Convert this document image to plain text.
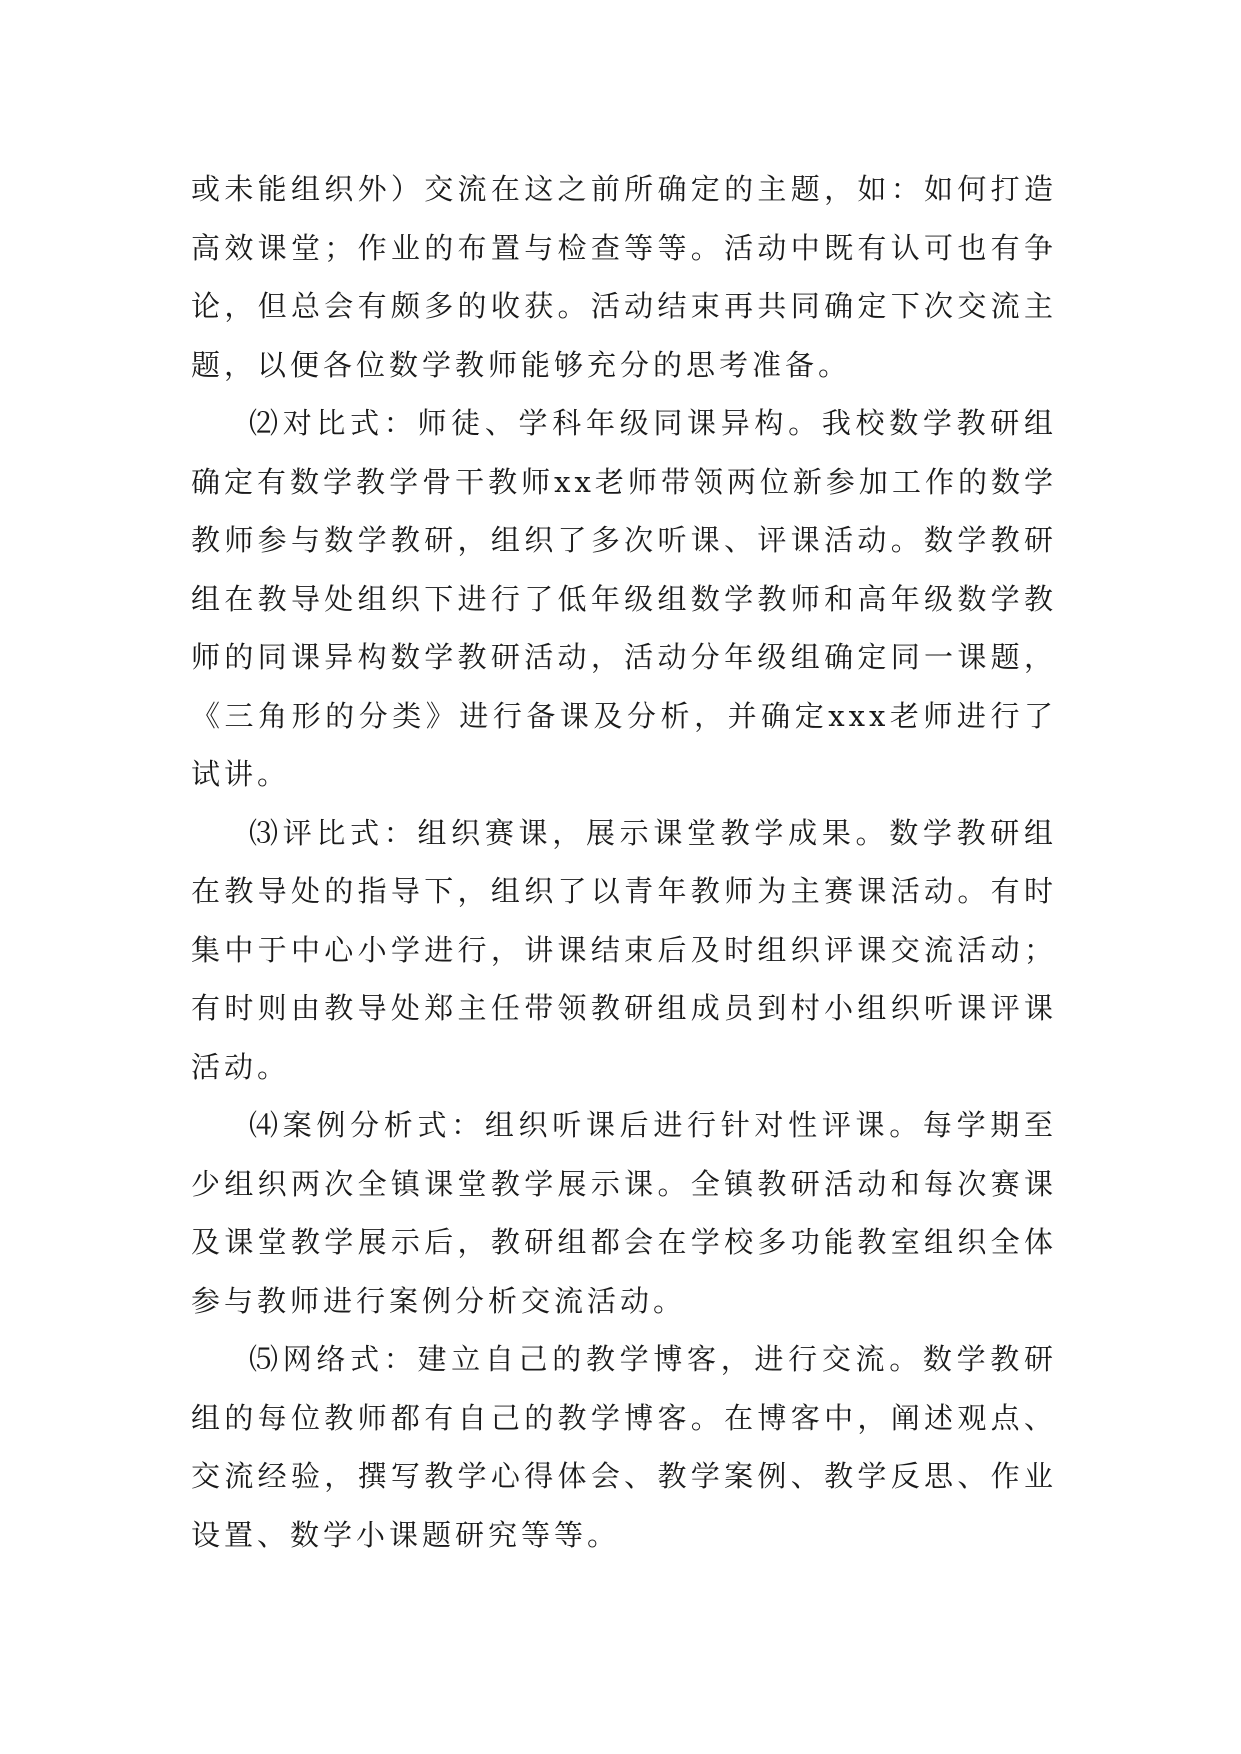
或未能组织外）交流在这之前所确定的主题，如：如何打造高效课堂；作业的布置与检查等等。活动中既有认可也有争论，但总会有颇多的收获。活动结束再共同确定下次交流主题，以便各位数学教师能够充分的思考准备。

⑵对比式：师徒、学科年级同课异构。我校数学教研组确定有数学教学骨干教师xx老师带领两位新参加工作的数学教师参与数学教研，组织了多次听课、评课活动。数学教研组在教导处组织下进行了低年级组数学教师和高年级数学教师的同课异构数学教研活动，活动分年级组确定同一课题，《三角形的分类》进行备课及分析，并确定xxx老师进行了试讲。

⑶评比式：组织赛课，展示课堂教学成果。数学教研组在教导处的指导下，组织了以青年教师为主赛课活动。有时集中于中心小学进行，讲课结束后及时组织评课交流活动；有时则由教导处郑主任带领教研组成员到村小组织听课评课活动。

⑷案例分析式：组织听课后进行针对性评课。每学期至少组织两次全镇课堂教学展示课。全镇教研活动和每次赛课及课堂教学展示后，教研组都会在学校多功能教室组织全体参与教师进行案例分析交流活动。

⑸网络式：建立自己的教学博客，进行交流。数学教研组的每位教师都有自己的教学博客。在博客中，阐述观点、交流经验，撰写教学心得体会、教学案例、教学反思、作业设置、数学小课题研究等等。
